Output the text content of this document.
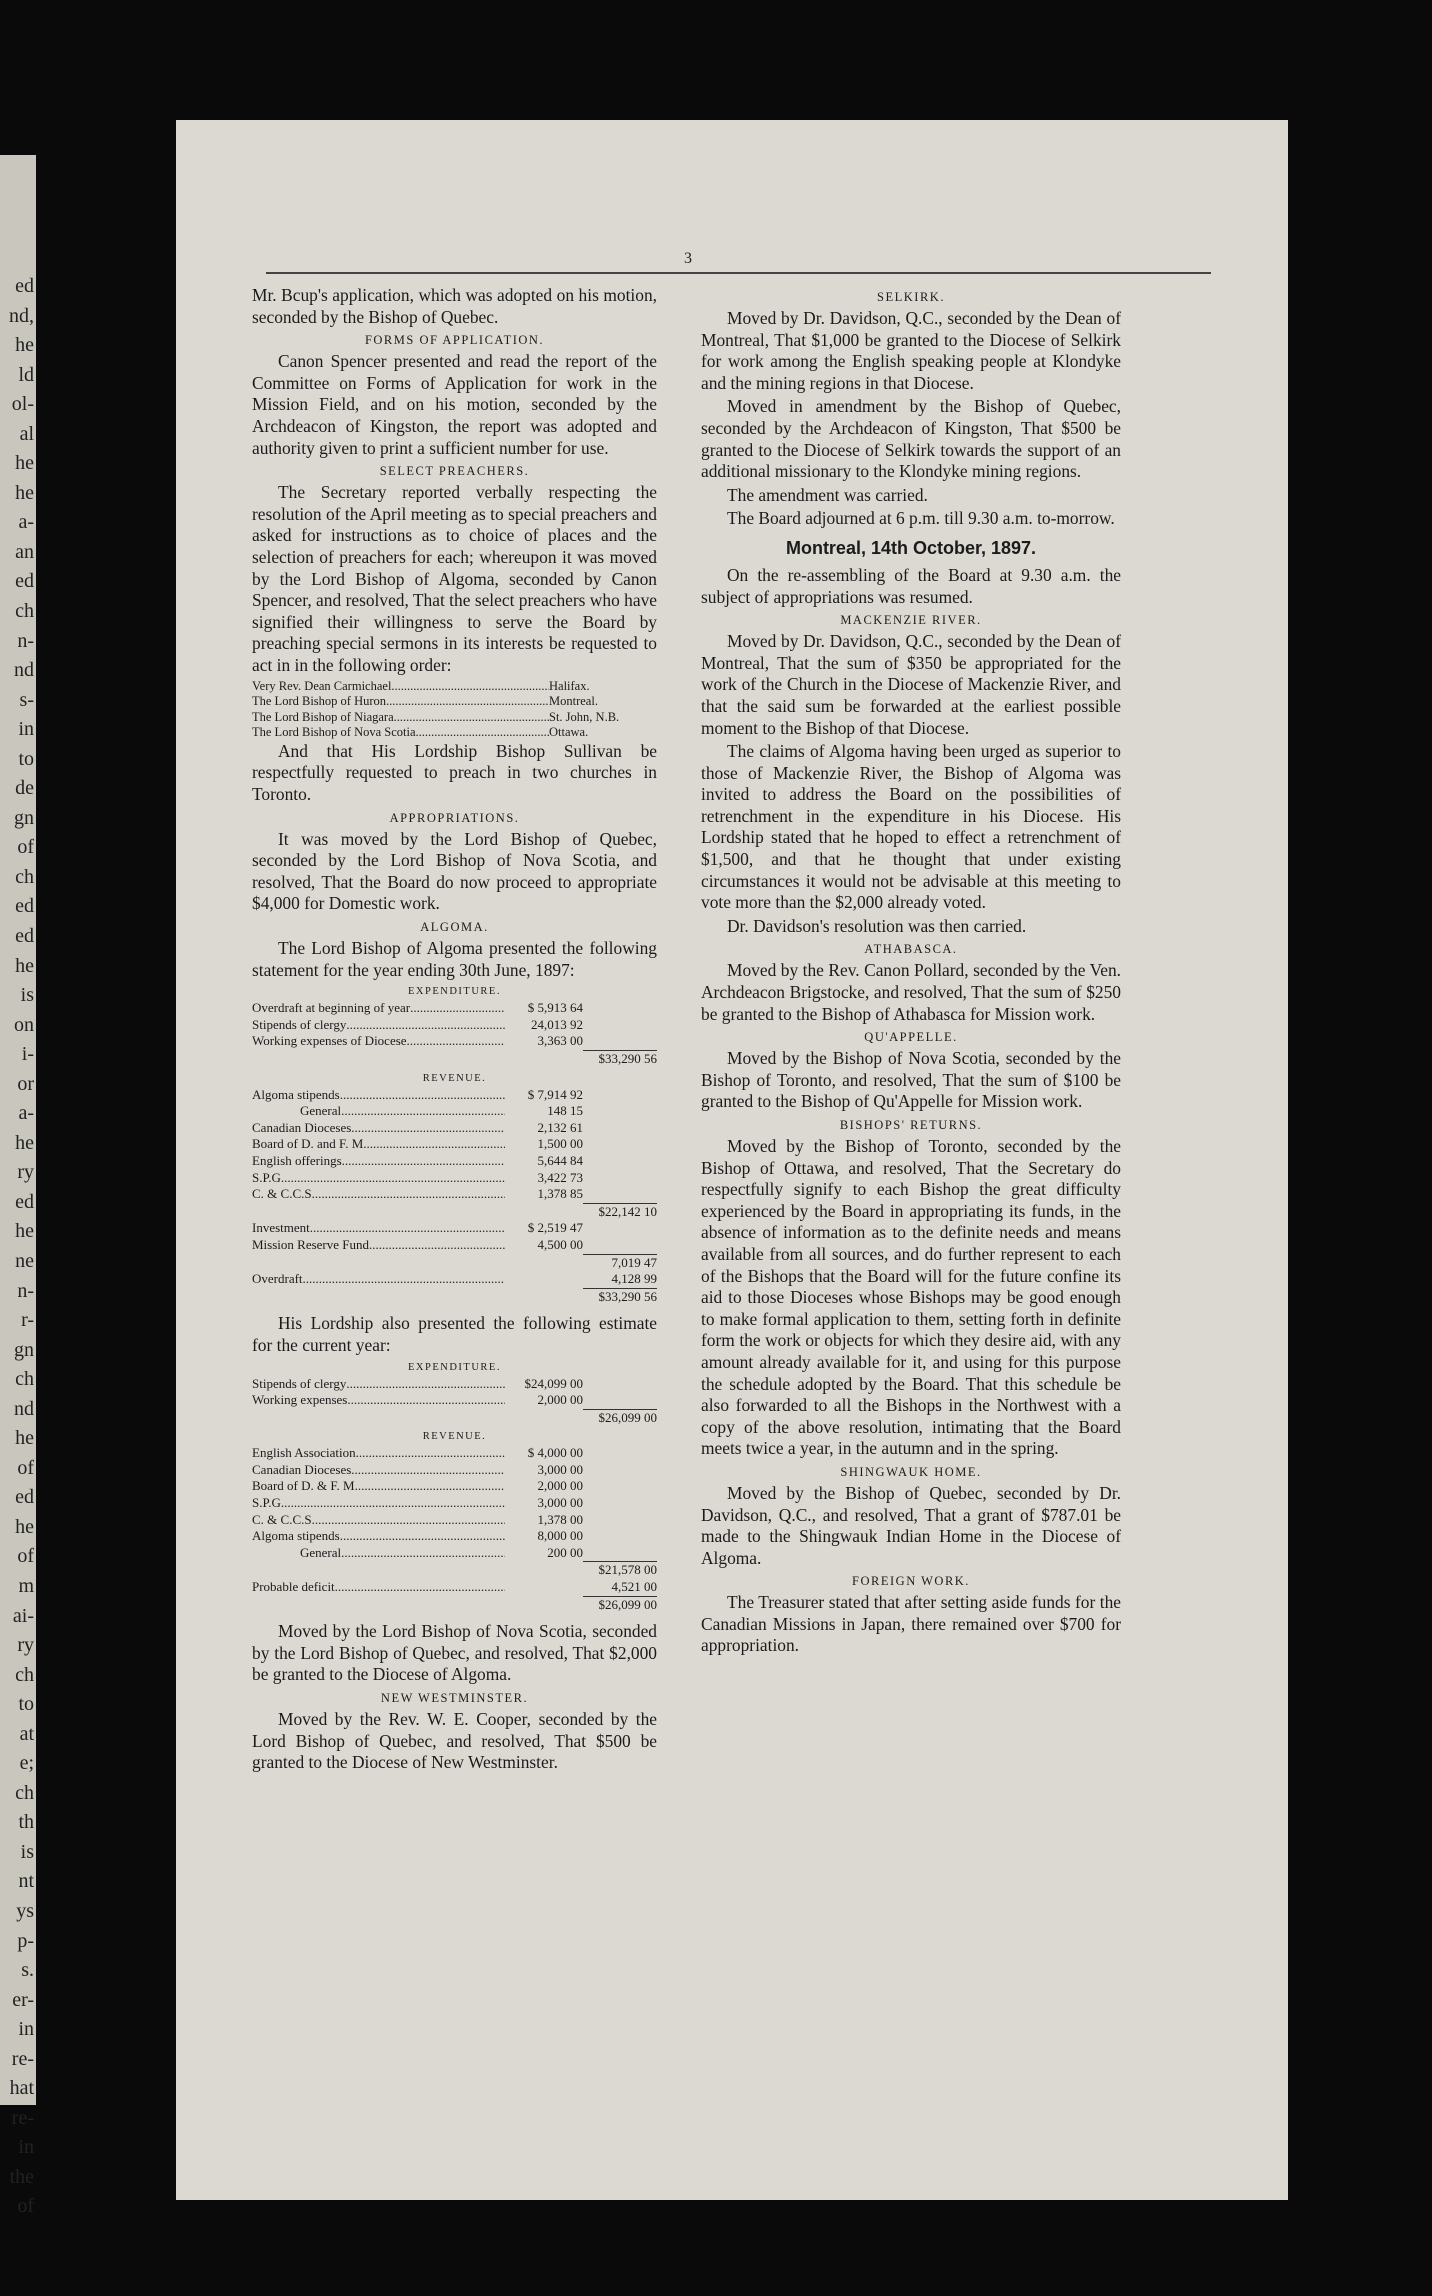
ed
nd,
he
ld
ol-
al
he
he
a-
an
ed
ch
n-
nd
s-
in
to
de
gn
of
ch
ed
ed
he
is
on
i-
or
a-
he
ry
ed
he
ne
n-
r-
gn
ch
nd
he
of
ed
he
of
m
ai-
ry
ch
to
at
e;
ch
th
is
nt
ys
p-
s.
er-
in
re-
hat
re-
in
the
of
3

Mr. Bcup's application, which was adopted on his motion, seconded by the Bishop of Quebec.

FORMS OF APPLICATION.

Canon Spencer presented and read the report of the Committee on Forms of Application for work in the Mission Field, and on his motion, seconded by the Archdeacon of Kingston, the report was adopted and authority given to print a sufficient number for use.

SELECT PREACHERS.

The Secretary reported verbally respecting the resolution of the April meeting as to special preachers and asked for instructions as to choice of places and the selection of preachers for each; whereupon it was moved by the Lord Bishop of Algoma, seconded by Canon Spencer, and resolved, That the select preachers who have signified their willingness to serve the Board by preaching special sermons in its interests be requested to act in in the following order:

Very Rev. Dean Carmichael .....	Halifax.
The Lord Bishop of Huron .....	Montreal.
The Lord Bishop of Niagara .....	St. John, N.B.
The Lord Bishop of Nova Scotia .....	Ottawa.

And that His Lordship Bishop Sullivan be respectfully requested to preach in two churches in Toronto.

APPROPRIATIONS.

It was moved by the Lord Bishop of Quebec, seconded by the Lord Bishop of Nova Scotia, and resolved, That the Board do now proceed to appropriate $4,000 for Domestic work.

ALGOMA.

The Lord Bishop of Algoma presented the following statement for the year ending 30th June, 1897:

EXPENDITURE.
Overdraft at beginning of year .....	$ 5,913 64
Stipends of clergy .....	24,013 92
Working expenses of Diocese .....	3,363 00
$33,290 56
REVENUE.
Algoma stipends .....	$ 7,914 92
General .....	148 15
Canadian Dioceses .....	2,132 61
Board of D. and F. M .....	1,500 00
English offerings .....	5,644 84
S.P.G .....	3,422 73
C. & C.C.S .....	1,378 85
$22,142 10
Investment .....	$ 2,519 47
Mission Reserve Fund .....	4,500 00
7,019 47
Overdraft .....	4,128 99
$33,290 56

His Lordship also presented the following estimate for the current year:

EXPENDITURE.
Stipends of clergy .....	$24,099 00
Working expenses .....	2,000 00
$26,099 00
REVENUE.
English Association .....	$ 4,000 00
Canadian Dioceses .....	3,000 00
Board of D. & F. M .....	2,000 00
S.P.G .....	3,000 00
C. & C.C.S .....	1,378 00
Algoma stipends .....	8,000 00
General .....	200 00
$21,578 00
Probable deficit .....	4,521 00
$26,099 00

Moved by the Lord Bishop of Nova Scotia, seconded by the Lord Bishop of Quebec, and resolved, That $2,000 be granted to the Diocese of Algoma.

NEW WESTMINSTER.

Moved by the Rev. W. E. Cooper, seconded by the Lord Bishop of Quebec, and resolved, That $500 be granted to the Diocese of New Westminster.

SELKIRK.

Moved by Dr. Davidson, Q.C., seconded by the Dean of Montreal, That $1,000 be granted to the Diocese of Selkirk for work among the English speaking people at Klondyke and the mining regions in that Diocese.

Moved in amendment by the Bishop of Quebec, seconded by the Archdeacon of Kingston, That $500 be granted to the Diocese of Selkirk towards the support of an additional missionary to the Klondyke mining regions.

The amendment was carried.

The Board adjourned at 6 p.m. till 9.30 a.m. to-morrow.

Montreal, 14th October, 1897.

On the re-assembling of the Board at 9.30 a.m. the subject of appropriations was resumed.

MACKENZIE RIVER.

Moved by Dr. Davidson, Q.C., seconded by the Dean of Montreal, That the sum of $350 be appropriated for the work of the Church in the Diocese of Mackenzie River, and that the said sum be forwarded at the earliest possible moment to the Bishop of that Diocese.

The claims of Algoma having been urged as superior to those of Mackenzie River, the Bishop of Algoma was invited to address the Board on the possibilities of retrenchment in the expenditure in his Diocese. His Lordship stated that he hoped to effect a retrenchment of $1,500, and that he thought that under existing circumstances it would not be advisable at this meeting to vote more than the $2,000 already voted.

Dr. Davidson's resolution was then carried.

ATHABASCA.

Moved by the Rev. Canon Pollard, seconded by the Ven. Archdeacon Brigstocke, and resolved, That the sum of $250 be granted to the Bishop of Athabasca for Mission work.

QU'APPELLE.

Moved by the Bishop of Nova Scotia, seconded by the Bishop of Toronto, and resolved, That the sum of $100 be granted to the Bishop of Qu'Appelle for Mission work.

BISHOPS' RETURNS.

Moved by the Bishop of Toronto, seconded by the Bishop of Ottawa, and resolved, That the Secretary do respectfully signify to each Bishop the great difficulty experienced by the Board in appropriating its funds, in the absence of information as to the definite needs and means available from all sources, and do further represent to each of the Bishops that the Board will for the future confine its aid to those Dioceses whose Bishops may be good enough to make formal application to them, setting forth in definite form the work or objects for which they desire aid, with any amount already available for it, and using for this purpose the schedule adopted by the Board. That this schedule be also forwarded to all the Bishops in the Northwest with a copy of the above resolution, intimating that the Board meets twice a year, in the autumn and in the spring.

SHINGWAUK HOME.

Moved by the Bishop of Quebec, seconded by Dr. Davidson, Q.C., and resolved, That a grant of $787.01 be made to the Shingwauk Indian Home in the Diocese of Algoma.

FOREIGN WORK.

The Treasurer stated that after setting aside funds for the Canadian Missions in Japan, there remained over $700 for appropriation.
